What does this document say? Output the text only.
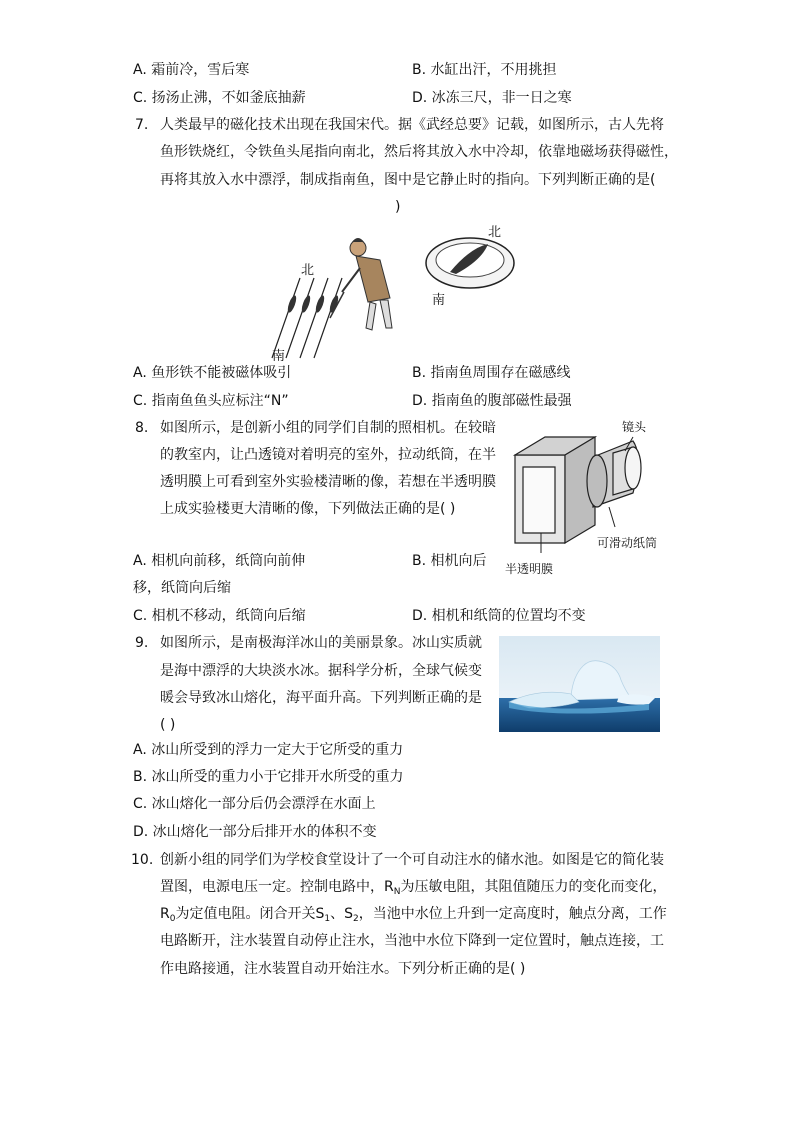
A. 霜前冷，雪后寒	B. 水缸出汗，不用挑担
C. 扬汤止沸，不如釜底抽薪	D. 冰冻三尺，非一日之寒
7. 人类最早的磁化技术出现在我国宋代。据《武经总要》记载，如图所示，古人先将
鱼形铁烧红，令铁鱼头尾指向南北，然后将其放入水中冷却，依靠地磁场获得磁性，
再将其放入水中漂浮，制成指南鱼，图中是它静止时的指向。下列判断正确的是(
)
北
南
北
南
A. 鱼形铁不能被磁体吸引	B. 指南鱼周围存在磁感线
C. 指南鱼鱼头应标注“N”	D. 指南鱼的腹部磁性最强
8. 如图所示，是创新小组的同学们自制的照相机。在较暗
的教室内，让凸透镜对着明亮的室外，拉动纸筒，在半
透明膜上可看到室外实验楼清晰的像，若想在半透明膜
上成实验楼更大清晰的像，下列做法正确的是( )
镜头
可滑动纸筒
半透明膜
A. 相机向前移，纸筒向前伸	B. 相机向后
移，纸筒向后缩
C. 相机不移动，纸筒向后缩	D. 相机和纸筒的位置均不变
9. 如图所示，是南极海洋冰山的美丽景象。冰山实质就
是海中漂浮的大块淡水冰。据科学分析，全球气候变
暖会导致冰山熔化，海平面升高。下列判断正确的是
( )
A. 冰山所受到的浮力一定大于它所受的重力
B. 冰山所受的重力小于它排开水所受的重力
C. 冰山熔化一部分后仍会漂浮在水面上
D. 冰山熔化一部分后排开水的体积不变
10. 创新小组的同学们为学校食堂设计了一个可自动注水的储水池。如图是它的简化装
置图，电源电压一定。控制电路中，$R_N$为压敏电阻，其阻值随压力的变化而变化，
$R_0$为定值电阻。闭合开关$S_1$、$S_2$，当池中水位上升到一定高度时，触点分离，工作
电路断开，注水装置自动停止注水，当池中水位下降到一定位置时，触点连接，工
作电路接通，注水装置自动开始注水。下列分析正确的是( )
